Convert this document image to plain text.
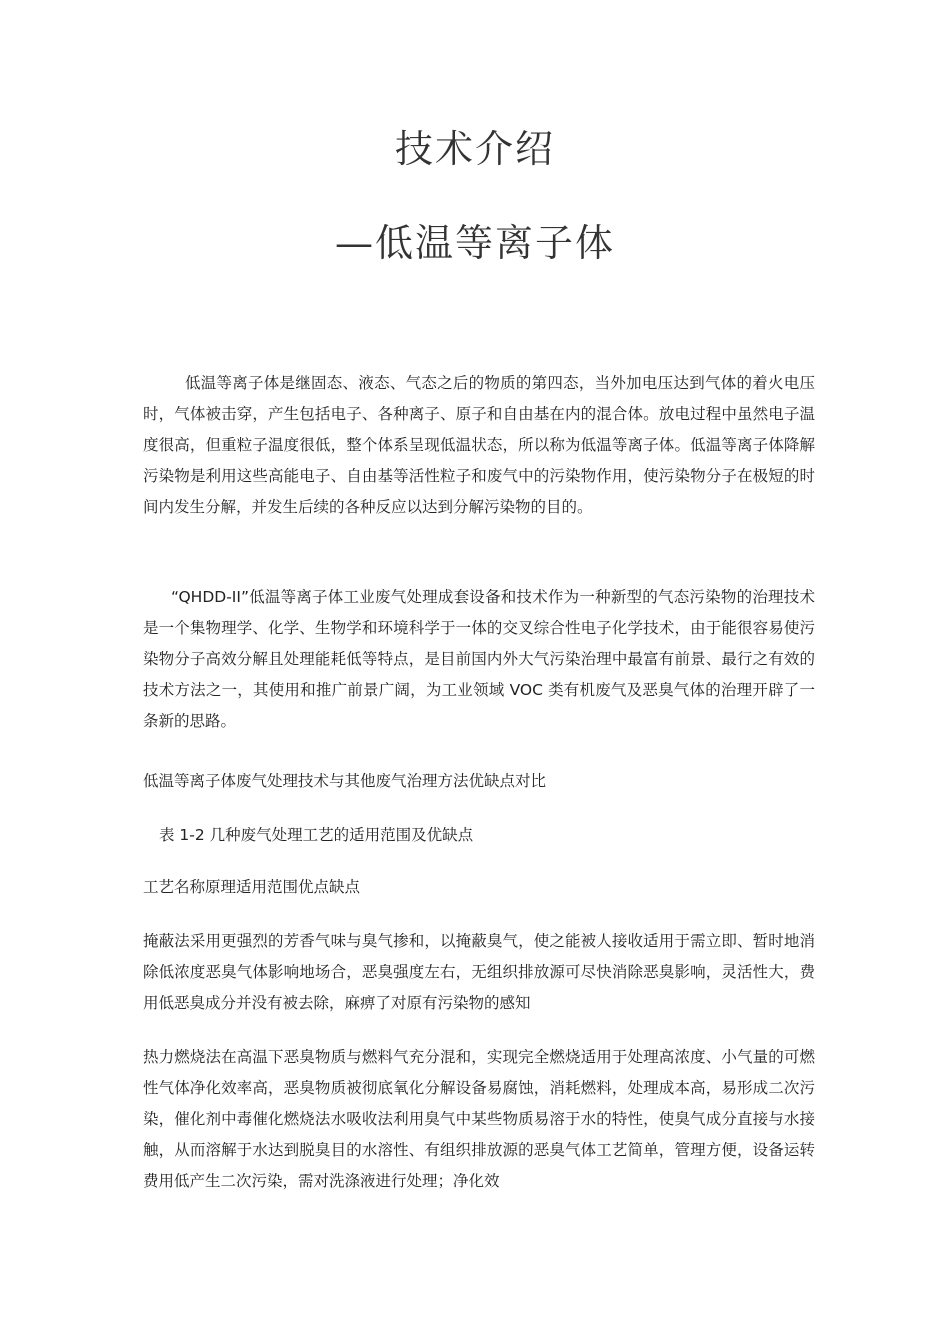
技术介绍
—低温等离子体

低温等离子体是继固态、液态、气态之后的物质的第四态，当外加电压达到气体的着火电压时，气体被击穿，产生包括电子、各种离子、原子和自由基在内的混合体。放电过程中虽然电子温度很高，但重粒子温度很低，整个体系呈现低温状态，所以称为低温等离子体。低温等离子体降解污染物是利用这些高能电子、自由基等活性粒子和废气中的污染物作用，使污染物分子在极短的时间内发生分解，并发生后续的各种反应以达到分解污染物的目的。

“QHDD-II”低温等离子体工业废气处理成套设备和技术作为一种新型的气态污染物的治理技术是一个集物理学、化学、生物学和环境科学于一体的交叉综合性电子化学技术，由于能很容易使污染物分子高效分解且处理能耗低等特点，是目前国内外大气污染治理中最富有前景、最行之有效的技术方法之一，其使用和推广前景广阔，为工业领域 VOC 类有机废气及恶臭气体的治理开辟了一条新的思路。

低温等离子体废气处理技术与其他废气治理方法优缺点对比

表 1-2 几种废气处理工艺的适用范围及优缺点

工艺名称原理适用范围优点缺点

掩蔽法采用更强烈的芳香气味与臭气掺和，以掩蔽臭气，使之能被人接收适用于需立即、暂时地消除低浓度恶臭气体影响地场合，恶臭强度左右，无组织排放源可尽快消除恶臭影响，灵活性大，费用低恶臭成分并没有被去除，麻痹了对原有污染物的感知

热力燃烧法在高温下恶臭物质与燃料气充分混和，实现完全燃烧适用于处理高浓度、小气量的可燃性气体净化效率高，恶臭物质被彻底氧化分解设备易腐蚀，消耗燃料，处理成本高，易形成二次污染，催化剂中毒催化燃烧法水吸收法利用臭气中某些物质易溶于水的特性，使臭气成分直接与水接触，从而溶解于水达到脱臭目的水溶性、有组织排放源的恶臭气体工艺简单，管理方便，设备运转费用低产生二次污染，需对洗涤液进行处理；净化效
